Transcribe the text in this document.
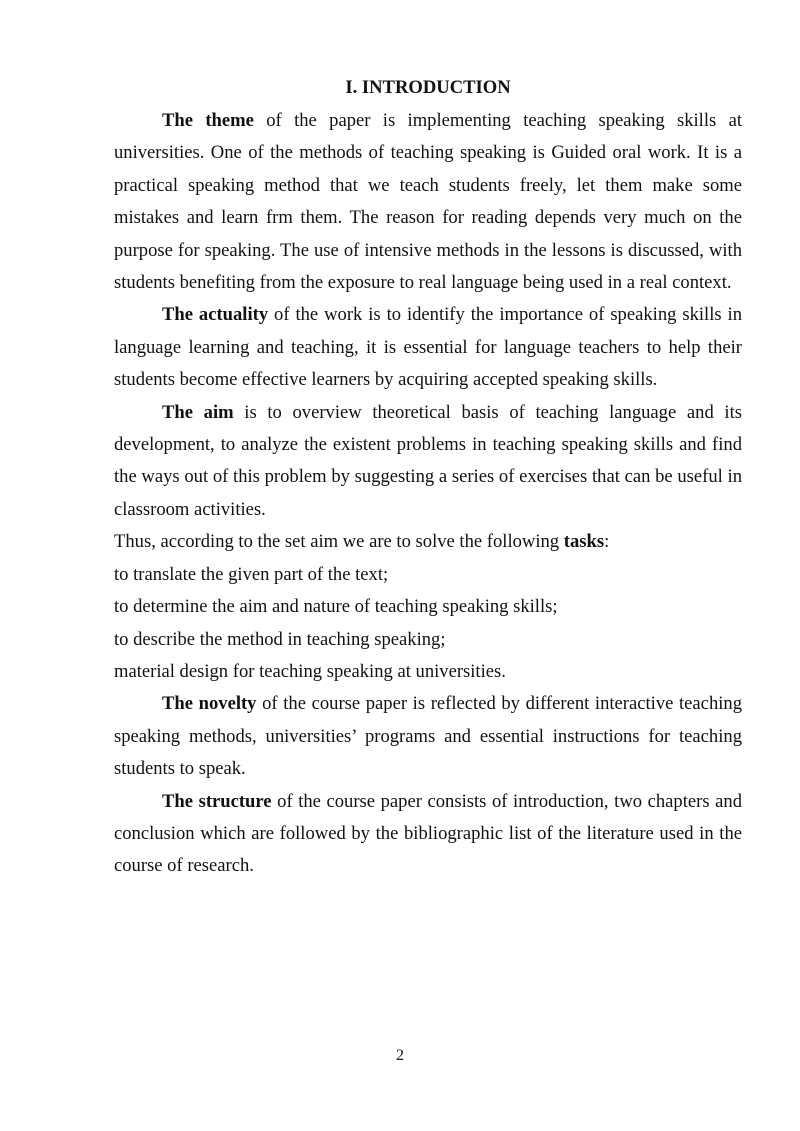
I. INTRODUCTION

The theme of the paper is implementing teaching speaking skills at universities. One of the methods of teaching speaking is Guided oral work. It is a practical speaking method that we teach students freely, let them make some mistakes and learn frm them. The reason for reading depends very much on the purpose for speaking. The use of intensive methods in the lessons is discussed, with students benefiting from the exposure to real language being used in a real context.

The actuality of the work is to identify the importance of speaking skills in language learning and teaching, it is essential for language teachers to help their students become effective learners by acquiring accepted speaking skills.

The aim is to overview theoretical basis of teaching language and its development, to analyze the existent problems in teaching speaking skills and find the ways out of this problem by suggesting a series of exercises that can be useful in classroom activities.

Thus, according to the set aim we are to solve the following tasks:

to translate the given part of the text;

to determine the aim and nature of teaching speaking skills;

to describe the method in teaching speaking;

material design for teaching speaking at universities.

The novelty of the course paper is reflected by different interactive teaching speaking methods, universities’ programs and essential instructions for teaching students to speak.

The structure of the course paper consists of introduction, two chapters and conclusion which are followed by the bibliographic list of the literature used in the course of research.

2
